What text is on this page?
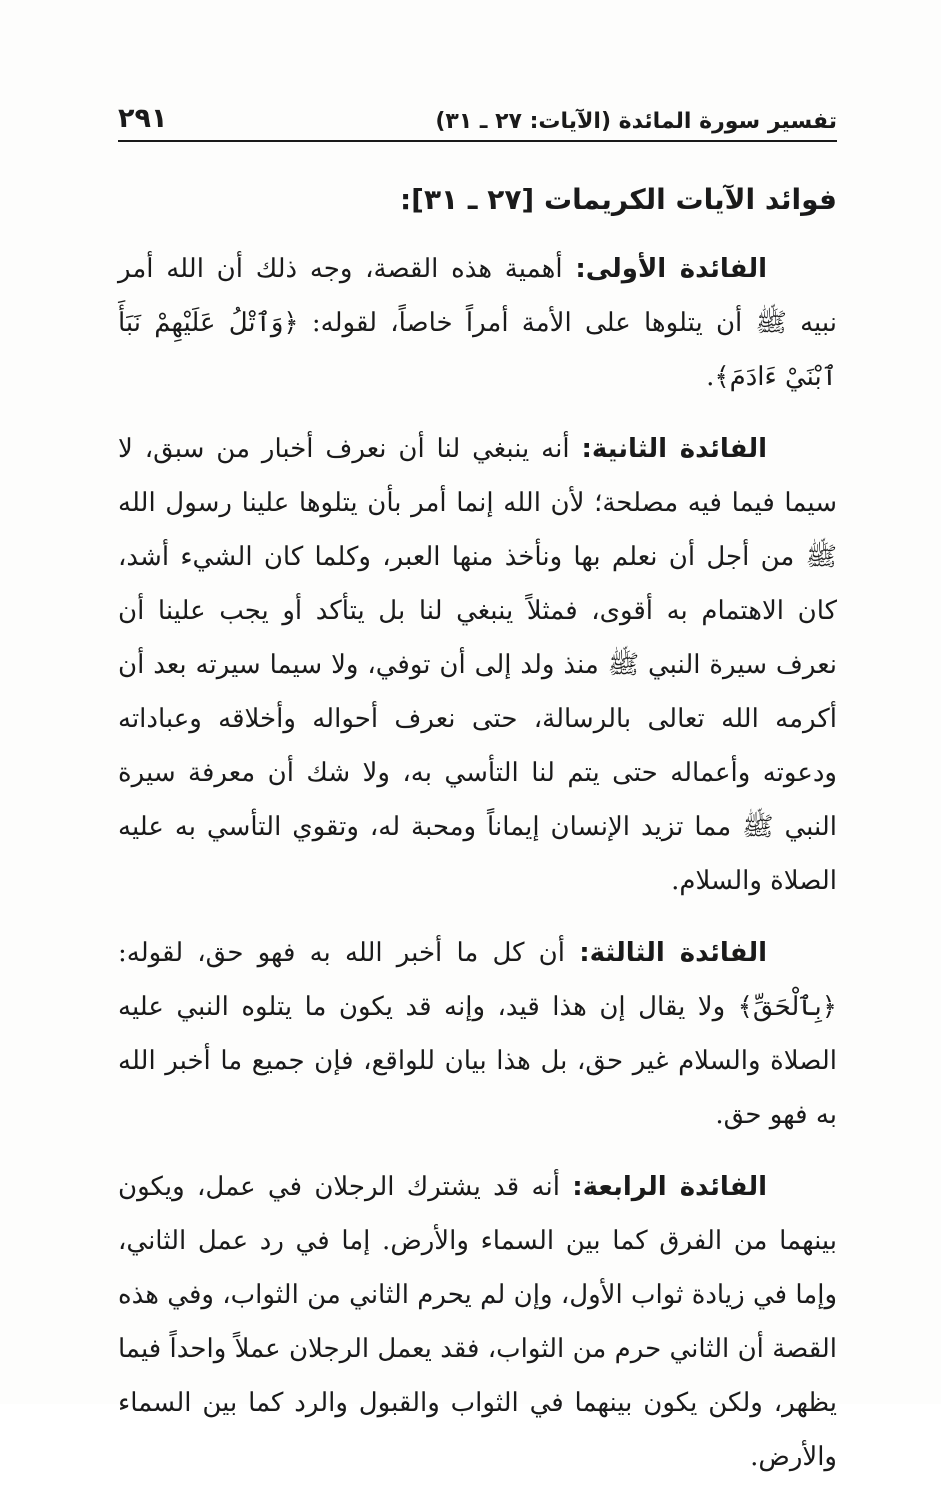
تفسير سورة المائدة (الآيات: ٢٧ ـ ٣١)
٢٩١
فوائد الآيات الكريمات [٢٧ ـ ٣١]:

الفائدة الأولى: أهمية هذه القصة، وجه ذلك أن الله أمر نبيه ﷺ أن يتلوها على الأمة أمراً خاصاً، لقوله: ﴿وَٱتْلُ عَلَيْهِمْ نَبَأَ ٱبْنَيْ ءَادَمَ﴾.

الفائدة الثانية: أنه ينبغي لنا أن نعرف أخبار من سبق، لا سيما فيما فيه مصلحة؛ لأن الله إنما أمر بأن يتلوها علينا رسول الله ﷺ من أجل أن نعلم بها ونأخذ منها العبر، وكلما كان الشيء أشد، كان الاهتمام به أقوى، فمثلاً ينبغي لنا بل يتأكد أو يجب علينا أن نعرف سيرة النبي ﷺ منذ ولد إلى أن توفي، ولا سيما سيرته بعد أن أكرمه الله تعالى بالرسالة، حتى نعرف أحواله وأخلاقه وعباداته ودعوته وأعماله حتى يتم لنا التأسي به، ولا شك أن معرفة سيرة النبي ﷺ مما تزيد الإنسان إيماناً ومحبة له، وتقوي التأسي به عليه الصلاة والسلام.

الفائدة الثالثة: أن كل ما أخبر الله به فهو حق، لقوله: ﴿بِٱلْحَقِّ﴾ ولا يقال إن هذا قيد، وإنه قد يكون ما يتلوه النبي عليه الصلاة والسلام غير حق، بل هذا بيان للواقع، فإن جميع ما أخبر الله به فهو حق.

الفائدة الرابعة: أنه قد يشترك الرجلان في عمل، ويكون بينهما من الفرق كما بين السماء والأرض. إما في رد عمل الثاني، وإما في زيادة ثواب الأول، وإن لم يحرم الثاني من الثواب، وفي هذه القصة أن الثاني حرم من الثواب، فقد يعمل الرجلان عملاً واحداً فيما يظهر، ولكن يكون بينهما في الثواب والقبول والرد كما بين السماء والأرض.
